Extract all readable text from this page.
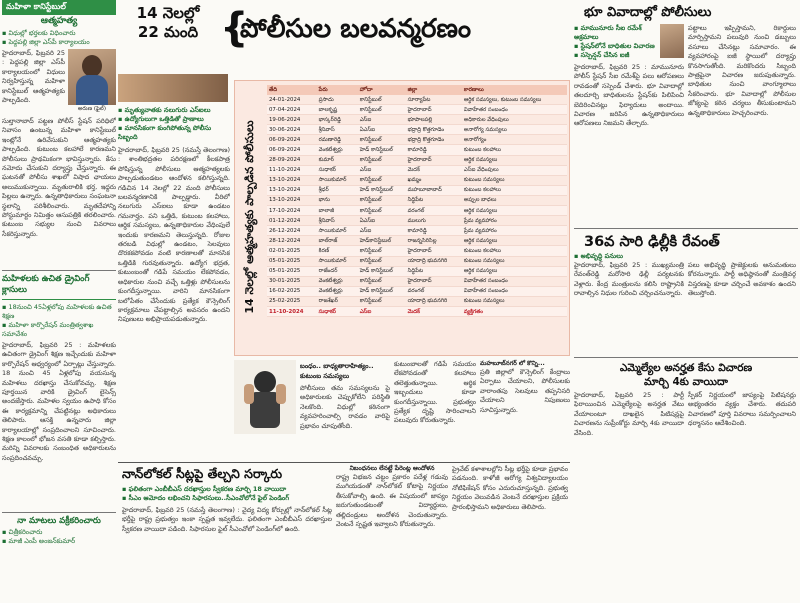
మహిళా కానిస్టేబుల్
ఆత్మహత్య
▪ విధుల్లో భర్తలకు విధించారు
▪ పెద్దపల్లి జిల్లా ఎస్‌పీ కార్యాలయం
హైదరాబాద్, ఫిబ్రవరి 25 : పెద్దపల్లి జిల్లా ఎస్‌పీ కార్యాలయంలో విధులు నిర్వహిస్తున్న మహిళా కానిస్టేబుల్ ఆత్మహత్యకు పాల్పడింది.
అరుణ (ఫైల్)
సుల్తానాబాద్ పట్టణ పోలీస్ స్టేషన్ పరిధిలో నివాసం ఉంటున్న మహిళా కానిస్టేబుల్ ఇంట్లోనే ఉరివేసుకుని ఆత్మహత్యకు పాల్పడింది. కుటుంబ కలహాలే కారణమని పోలీసులు ప్రాథమికంగా భావిస్తున్నారు. కేసు నమోదు చేసుకుని దర్యాప్తు చేస్తున్నారు. ఈ ఘటనతో పోలీసు శాఖలో విషాద ఛాయలు అలుముకున్నాయి. మృతురాలికి భర్త, ఇద్దరు పిల్లలు ఉన్నారు. ఉన్నతాధికారులు సంఘటనా స్థలాన్ని పరిశీలించారు. మృతదేహాన్ని పోస్టుమార్టం నిమిత్తం ఆసుపత్రికి తరలించారు. కుటుంబ సభ్యుల నుంచి వివరాలు సేకరిస్తున్నారు.
మహిళలకు ఉచిత డ్రైవింగ్ క్లాసులు
▪ 18నుంచి 45ఏళ్లలోపు మహిళలకు ఉచిత శిక్షణ
▪ మహిళా కార్పొరేషన్ మంత్రిత్వశాఖ సమావేశం
హైదరాబాద్, ఫిబ్రవరి 25 : మహిళలకు ఉచితంగా డ్రైవింగ్ శిక్షణ ఇచ్చేందుకు మహిళా కార్పొరేషన్ ఆధ్వర్యంలో ఏర్పాట్లు చేస్తున్నారు. 18 నుంచి 45 ఏళ్లలోపు వయసున్న మహిళలు దరఖాస్తు చేసుకోవచ్చు. శిక్షణ పూర్తయిన వారికి డ్రైవింగ్ లైసెన్స్ అందజేస్తారు. మహిళల స్వయం ఉపాధి కోసం ఈ కార్యక్రమాన్ని చేపట్టినట్లు అధికారులు తెలిపారు. ఆసక్తి ఉన్నవారు జిల్లా కార్యాలయాల్లో సంప్రదించాలని సూచించారు. శిక్షణ కాలంలో భోజన వసతి కూడా కల్పిస్తారు. మరిన్ని వివరాలకు సంబంధిత అధికారులను సంప్రదించవచ్చు.
నా మాటలు వక్రీకరించారు
▪ చిత్రీకరించారు
▪ మాజీ ఎంపీ అంజన్‌కుమార్
14 నెలల్లో
22 మంది {
పోలీసుల బలవన్మరణం
▪ మృత్యువాతకు నలుగురు ఎస్‌ఐలు
▪ ఉద్యోగులుగా ఒత్తిడితో ప్రాణాలు
▪ మానసికంగా కుంగిపోతున్న పోలీసు సిబ్బంది
హైదరాబాద్, ఫిబ్రవరి 25 (నమస్తే తెలంగాణ) : శాంతిభద్రతల పరిరక్షణలో కీలకపాత్ర పోషిస్తున్న పోలీసులు ఆత్మహత్యలకు పాల్పడుతుండటం ఆందోళన కలిగిస్తున్నది. గడిచిన 14 నెలల్లో 22 మంది పోలీసులు బలవన్మరణానికి పాల్పడ్డారు. వీరిలో నలుగురు ఎస్‌ఐలు కూడా ఉండటం గమనార్హం. పని ఒత్తిడి, కుటుంబ కలహాలు, ఆర్థిక సమస్యలు, ఉన్నతాధికారుల వేధింపులే ఇందుకు కారణమని తెలుస్తున్నది. రోజుల తరబడి విధుల్లో ఉండటం, సెలవులు దొరకకపోవడం వంటి కారణాలతో మానసిక ఒత్తిడికి గురవుతున్నారు. ఉద్యోగ భద్రత, కుటుంబంతో గడిపే సమయం లేకపోవడం, అధికారుల నుంచి వచ్చే ఒత్తిళ్లు పోలీసులను కుంగదీస్తున్నాయి. వారిని మానసికంగా బలోపేతం చేసేందుకు ప్రత్యేక కౌన్సెలింగ్ కార్యక్రమాలు చేపట్టాల్సిన అవసరం ఉందని నిపుణులు అభిప్రాయపడుతున్నారు.
14 నెలల్లో ఆత్మహత్యకు పాల్పడిన పోలీసులు
తేది	పేరు	హోదా	జిల్లా	కారణాలు
24-01-2024	ప్రసాదు	కానిస్టేబుల్	సూర్యాపేట	ఆర్థిక సమస్యలు, కుటుంబ సమస్యలు
07-04-2024	బాలకృష్ణ	కానిస్టేబుల్	హైదరాబాద్	వివాహేతర సంబంధం
19-06-2024	భాస్కర్‌రెడ్డి	ఎస్‌ఐ	భూపాలపల్లి	అధికారుల వేధింపులు
30-06-2024	శ్రీనివాస్	ఏఎస్‌ఐ	భద్రాద్రి కొత్తగూడెం	అనారోగ్య సమస్యలు
06-09-2024	రమణారెడ్డి	కానిస్టేబుల్	భద్రాద్రి కొత్తగూడెం	అనారోగ్యం
06-09-2024	వెంకటేశ్వర్లు	హెడ్ కానిస్టేబుల్	కామారెడ్డి	కుటుంబ కలహాలు
28-09-2024	కుమార్	కానిస్టేబుల్	హైదరాబాద్	ఆర్థిక సమస్యలు
11-10-2024	సుధాకర్	ఎస్‌ఐ	మెదక్	ఎస్‌ఐ వేధింపులు
13-10-2024	సాయికుమార్	కానిస్టేబుల్	ఖమ్మం	కుటుంబ సమస్యలు
13-10-2024	శ్రీధర్	హెడ్ కానిస్టేబుల్	మహబూబాబాద్	కుటుంబ కలహాలు
13-10-2024	భాను	కానిస్టేబుల్	సిద్ధిపేట	అప్పుల బాధలు
17-10-2024	బాలాజీ	కానిస్టేబుల్	వరంగల్	ఆర్థిక సమస్యలు
01-12-2024	శ్రీనివాస్	ఏఎస్‌ఐ	ములుగు	ప్రేమ వ్యవహారం
26-12-2024	సాయికుమార్	ఎస్‌ఐ	కామారెడ్డి	ప్రేమ వ్యవహారం
28-12-2024	బాల్‌రాజ్	హెడ్‌కానిస్టేబుల్	రాజన్నసిరిసిల్ల	ఆర్థిక సమస్యలు
02-01-2025	కిరణ్	కానిస్టేబుల్	హైదరాబాద్	కుటుంబ కలహాలు
05-01-2025	సాయికుమార్	కానిస్టేబుల్	యాదాద్రి భువనగిరి	కుటుంబ సమస్యలు
05-01-2025	రాజేందర్	హెడ్ కానిస్టేబుల్	సిద్ధిపేట	ఆర్థిక సమస్యలు
30-01-2025	వెంకటేశ్వర్లు	కానిస్టేబుల్	హైదరాబాద్	వివాహేతర సంబంధం
16-02-2025	వెంకటేశ్వర్లు	హెడ్ కానిస్టేబుల్	వరంగల్	వివాహేతర సంబంధం
25-02-2025	రాజశేఖర్	కానిస్టేబుల్	యాదాద్రి భువనగిరి	కుటుంబ సమస్యలు
11-10-2024	సుధాకర్	ఎస్‌ఐ	మెదక్	వ్యక్తిగతం
బంధం.. బాధ్యతారాహిత్యం..
కుటుంబ సమస్యలు
పోలీసులు తమ సమస్యలను పై అధికారులకు చెప్పుకోలేని పరిస్థితి నెలకొంది. విధుల్లో కఠినంగా వ్యవహరించాల్సి రావడం వారిపై ప్రభావం చూపుతోంది.
కుటుంబాలతో గడిపే సమయం లేకపోవడంతో కలహాలు తలెత్తుతున్నాయి. ఆర్థిక ఇబ్బందులు కూడా కుంగదీస్తున్నాయి. ప్రభుత్వం ప్రత్యేక దృష్టి సారించాలని పలువురు కోరుతున్నారు.
మహబూబ్‌నగర్ లో కొన్ని...
ప్రతి జిల్లాలో కౌన్సెలింగ్ కేంద్రాలు ఏర్పాటు చేయాలని, పోలీసులకు వారాంతపు సెలవులు తప్పనిసరి చేయాలని నిపుణులు సూచిస్తున్నారు.
నాన్‌లోకల్ సీట్లపై తేల్చని సర్కారు
▪ ఫలితంగా ఎంబీబీఎస్ దరఖాస్తుల స్వీకరణ మార్చి 18 వాయిదా
▪ సీఎం ఆమోదం లభించని సిఫారసులు..సీఎంవోలోనే ఫైల్ పెండింగ్
హైదరాబాద్, ఫిబ్రవరి 25 (నమస్తే తెలంగాణ) : వైద్య విద్య కోర్సుల్లో నాన్‌లోకల్ సీట్ల భర్తీపై రాష్ట్ర ప్రభుత్వం ఇంకా స్పష్టత ఇవ్వలేదు. ఫలితంగా ఎంబీబీఎస్ దరఖాస్తుల స్వీకరణ వాయిదా పడింది. సిఫారసుల ఫైల్ సీఎంవోలో పెండింగ్‌లో ఉంది.
నిబంధనలు లేనట్టే పేరెంట్ల ఆందోళన
రాష్ట్ర విభజన చట్టం ప్రకారం పదేళ్ల గడువు ముగియడంతో నాన్‌లోకల్ కోటాపై నిర్ణయం తీసుకోవాల్సి ఉంది. ఈ విషయంలో జాప్యం జరుగుతుండటంతో విద్యార్థులు, తల్లిదండ్రులు ఆందోళన చెందుతున్నారు. వెంటనే స్పష్టత ఇవ్వాలని కోరుతున్నారు.
ప్రైవేట్ కళాశాలల్లోని సీట్ల భర్తీపై కూడా ప్రభావం పడనుంది. కాళోజీ ఆరోగ్య విశ్వవిద్యాలయం నోటిఫికేషన్ కోసం ఎదురుచూస్తున్నది. ప్రభుత్వ నిర్ణయం వెలువడిన వెంటనే దరఖాస్తుల ప్రక్రియ ప్రారంభిస్తామని అధికారులు తెలిపారు.
భూ వివాదాల్లో పోలీసులు
▪ మామునూరు సీఐ రమేశ్ అక్రమాలు
▪ స్టేషన్‌లోనే బాధితుల విచారణ
▪ సస్పెన్షన్ చేసిన ఐజీ
హైదరాబాద్, ఫిబ్రవరి 25 : మామునూరు పోలీస్ స్టేషన్ సీఐ రమేశ్‌పై పలు ఆరోపణలు రావడంతో సస్పెండ్ చేశారు. భూ వివాదాల్లో తలదూర్చి బాధితులను స్టేషన్‌కు పిలిపించి బెదిరించినట్లు ఫిర్యాదులు అందాయి. విచారణ జరిపిన ఉన్నతాధికారులు ఆరోపణలు నిజమని తేల్చారు.
పట్టాలు ఇప్పిస్తామని, రికార్డులు మార్పిస్తామని పలువురి నుంచి డబ్బులు వసూలు చేసినట్లు సమాచారం. ఈ వ్యవహారంపై ఐజీ స్థాయిలో దర్యాప్తు కొనసాగుతోంది. మరికొందరు సిబ్బంది పాత్రపైనా విచారణ జరుపుతున్నారు. బాధితుల నుంచి వాంగ్మూలాలు సేకరించారు. భూ వివాదాల్లో పోలీసుల జోక్యంపై కఠిన చర్యలు తీసుకుంటామని ఉన్నతాధికారులు హెచ్చరించారు.
36వ సారి ఢిల్లీకి రేవంత్
▪ అభివృద్ధి పనులు
హైదరాబాద్, ఫిబ్రవరి 25 : ముఖ్యమంత్రి రేవంత్‌రెడ్డి మరోసారి ఢిల్లీ పర్యటనకు వెళ్లారు. కేంద్ర మంత్రులను కలిసి రాష్ట్రానికి రావాల్సిన నిధుల గురించి చర్చించనున్నారు.
పలు అభివృద్ధి ప్రాజెక్టులకు అనుమతులు కోరనున్నారు. పార్టీ అధిష్ఠానంతో మంత్రివర్గ విస్తరణపై కూడా చర్చించే అవకాశం ఉందని తెలుస్తోంది.
ఎమ్మెల్యేల అనర్హత కేసు విచారణ
మార్చి 4కు వాయిదా
హైదరాబాద్, ఫిబ్రవరి 25 : పార్టీ ఫిరాయించిన ఎమ్మెల్యేలపై అనర్హత వేటు వేయాలంటూ దాఖలైన పిటిషన్లపై విచారణను సుప్రీంకోర్టు మార్చి 4కు వాయిదా వేసింది.
స్పీకర్ నిర్ణయంలో జాప్యంపై పిటిషనర్లు అభ్యంతరం వ్యక్తం చేశారు. తదుపరి విచారణలో పూర్తి వివరాలు సమర్పించాలని ధర్మాసనం ఆదేశించింది.
